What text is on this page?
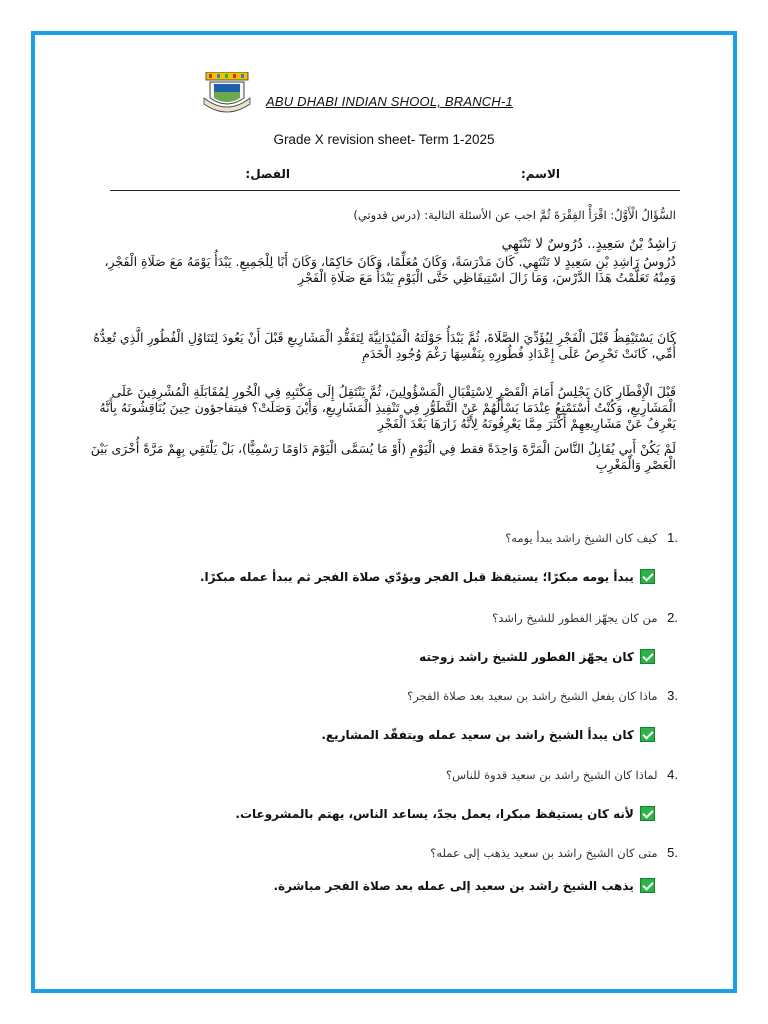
ABU DHABI INDIAN SHOOL, BRANCH-1
Grade X revision sheet- Term 1-2025
الاسم:
الفصل:
السُّؤَالُ الْأَوَّلُ: اقْرَأْ الفِقْرَةَ ثُمَّ اجب عن الأسئلة التالية: (درس قدوتي)
رَاشِدُ بْنُ سَعِيدٍ.. دُرُوسٌ لا تَنْتَهِي
دُرُوسُ رَاشِدِ بْنِ سَعِيدٍ لا تَنْتَهِي. كَانَ مَدْرَسَةً، وَكَانَ مُعَلِّمًا، وَكَانَ حَاكِمًا، وَكَانَ أَبًا لِلْجَمِيعِ. يَبْدَأُ يَوْمَهُ مَعَ صَلَاةِ الْفَجْرِ، وَمِنْهُ تَعَلَّمْتُ هَذَا الدَّرْسَ، وَمَا زَالَ اسْتِيقَاظِي حَتَّى الْيَوْمِ يَبْدَأُ مَعَ صَلَاةِ الْفَجْرِ
كَانَ يَسْتَيْقِظُ قَبْلَ الْفَجْرِ لِيُؤَدِّيَ الصَّلَاةَ، ثُمَّ يَبْدَأُ جَوْلَتَهُ الْمَيْدَانِيَّةَ لِتَفَقُّدِ الْمَشَارِيعِ قَبْلَ أَنْ يَعُودَ لِتَنَاوُلِ الْفُطُورِ الَّذِي تُعِدُّهُ أُمِّي، كَانَتْ تَحْرِصُ عَلَى إِعْدَادِ فُطُورِهِ بِنَفْسِهَا رَغْمَ وُجُودِ الْخَدَمِ
قَبْلَ الْإِفْطَارِ كَانَ يَجْلِسُ أَمَامَ الْقَصْرِ لِاسْتِقْبَالِ الْمَسْؤُولِينَ، ثُمَّ يَنْتَقِلُ إِلَى مَكْتَبِهِ فِي الْخُورِ لِمُقَابَلَةِ الْمُشْرِفِينَ عَلَى الْمَشَارِيعِ، وَكُنْتُ أَسْتَمْتِعُ عِنْدَمَا يَسْأَلُهُمْ عَنْ التَّطَوُّرِ فِي تَنْفِيذِ الْمَشَارِيعِ، وَأَيْنَ وَصَلَتْ؟ فيتفاجؤون حِينَ يُنَاقِشُونَهُ بِأَنَّهُ يَعْرِفُ عَنْ مَشَارِيعِهِمْ أَكْثَرَ مِمَّا يَعْرِفُونَهُ لِأَنَّهُ زَارَهَا بَعْدَ الْفَجْرِ
لَمْ يَكُنْ أَبِي يُقَابِلُ النَّاسَ الْمَرَّةَ وَاحِدَةً فقط فِي الْيَوْمِ (أَوْ مَا يُسَمَّى الْيَوْمَ دَاوَمًا رَسْمِيًّا)، بَلْ يَلْتَقِي بِهِمْ مَرَّةً أُخْرَى بَيْنَ الْعَصْرِ وَالْمَغْرِبِ
.1 كيف كان الشيخ راشد يبدأ يومه؟
يبدأ يومه مبكرًا؛ يستيقظ قبل الفجر ويؤدّي صلاة الفجر ثم يبدأ عمله مبكرًا.
.2 من كان يجهّز الفطور للشيخ راشد؟
كان يجهّز الفطور للشيخ راشد زوجته
.3 ماذا كان يفعل الشيخ راشد بن سعيد بعد صلاة الفجر؟
كان يبدأ الشيخ راشد بن سعيد عمله ويتفقّد المشاريع.
.4 لماذا كان الشيخ راشد بن سعيد قدوة للناس؟
لأنه كان يستيقظ مبكرا، يعمل بجدّ، يساعد الناس، يهتم بالمشروعات.
.5 متى كان الشيخ راشد بن سعيد يذهب إلى عمله؟
يذهب الشيخ راشد بن سعيد إلى عمله بعد صلاة الفجر مباشرة.
